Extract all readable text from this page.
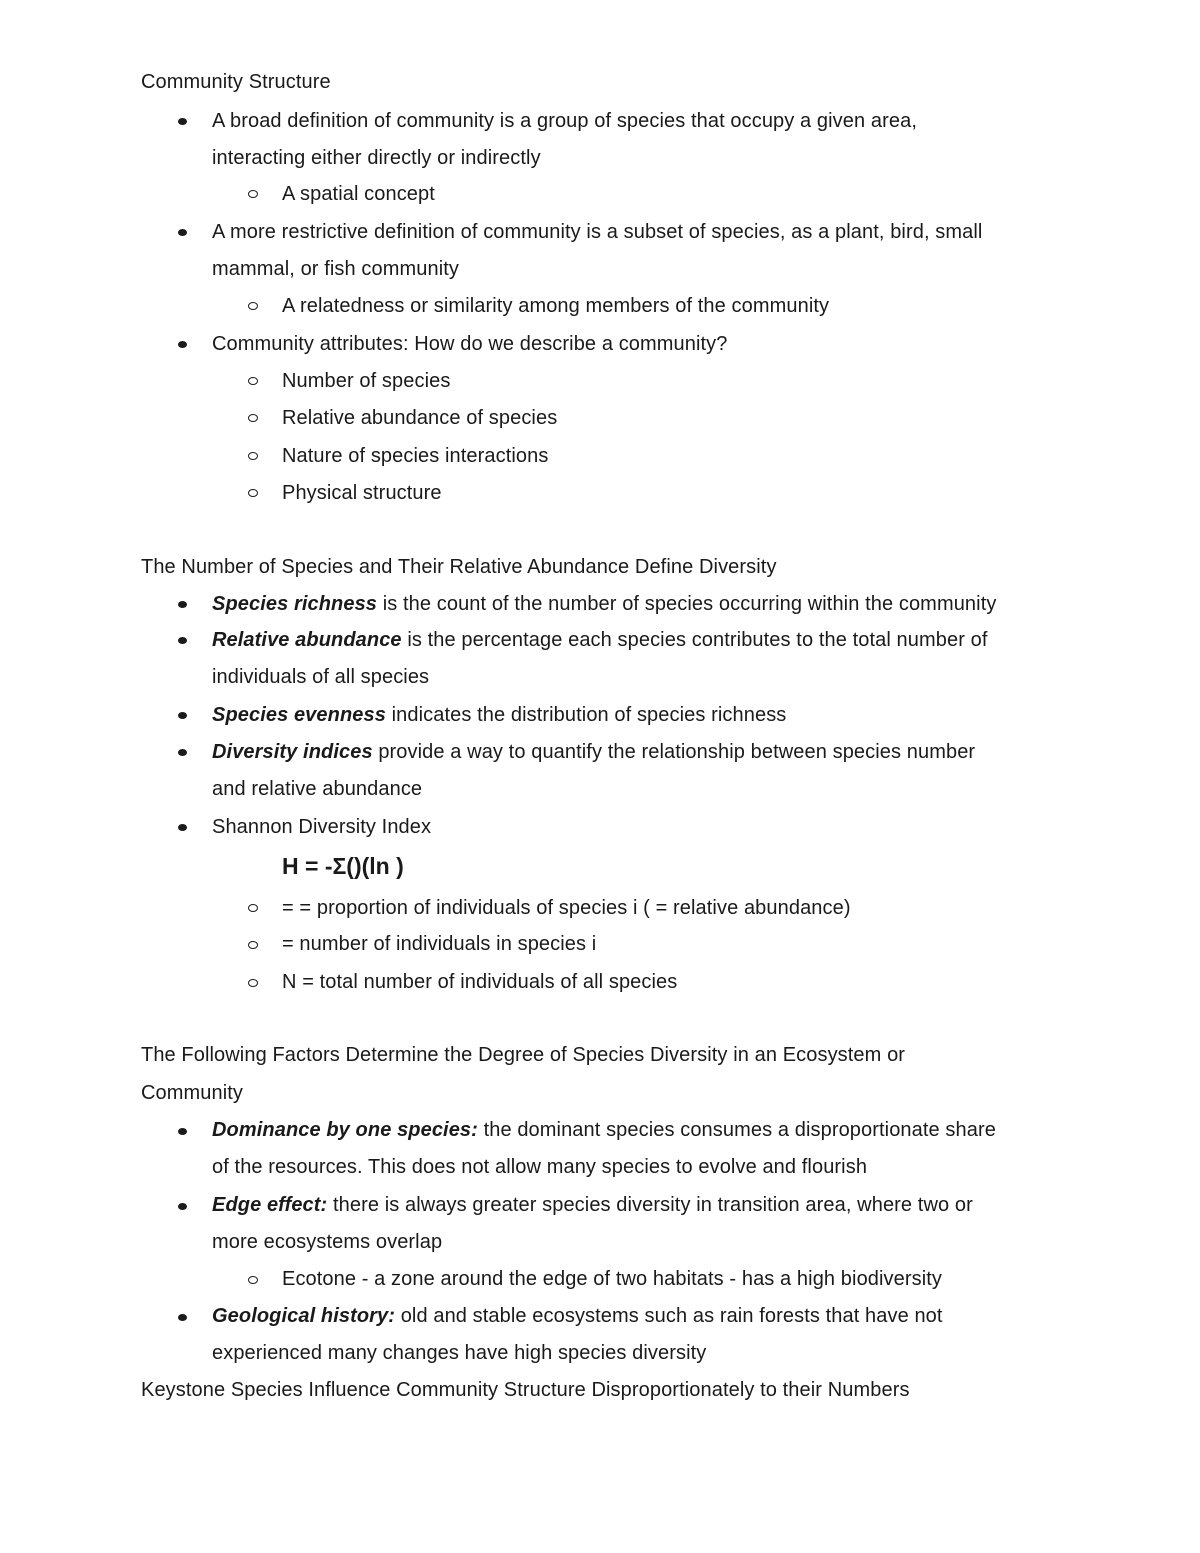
Community Structure
A broad definition of community is a group of species that occupy a given area,
interacting either directly or indirectly
A spatial concept
A more restrictive definition of community is a subset of species, as a plant, bird, small
mammal, or fish community
A relatedness or similarity among members of the community
Community attributes: How do we describe a community?
Number of species
Relative abundance of species
Nature of species interactions
Physical structure
The Number of Species and Their Relative Abundance Define Diversity
Species richness is the count of the number of species occurring within the community
Relative abundance is the percentage each species contributes to the total number of
individuals of all species
Species evenness indicates the distribution of species richness
Diversity indices provide a way to quantify the relationship between species number
and relative abundance
Shannon Diversity Index
H = -Σ()(ln )
= = proportion of individuals of species i ( = relative abundance)
= number of individuals in species i
N = total number of individuals of all species
The Following Factors Determine the Degree of Species Diversity in an Ecosystem or
Community
Dominance by one species: the dominant species consumes a disproportionate share
of the resources. This does not allow many species to evolve and flourish
Edge effect: there is always greater species diversity in transition area, where two or
more ecosystems overlap
Ecotone - a zone around the edge of two habitats - has a high biodiversity
Geological history: old and stable ecosystems such as rain forests that have not
experienced many changes have high species diversity
Keystone Species Influence Community Structure Disproportionately to their Numbers
